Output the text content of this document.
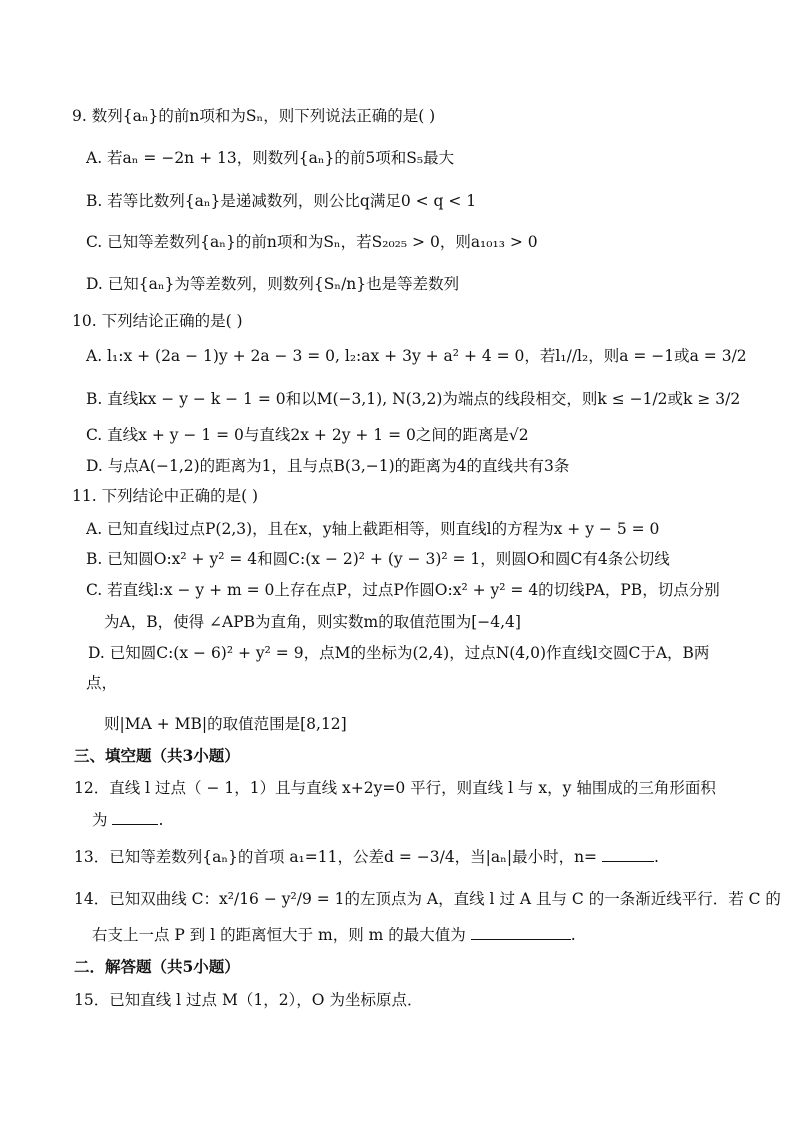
9. 数列{aₙ}的前n项和为Sₙ，则下列说法正确的是( )
A. 若aₙ = −2n + 13，则数列{aₙ}的前5项和S₅最大
B. 若等比数列{aₙ}是递减数列，则公比q满足0 < q < 1
C. 已知等差数列{aₙ}的前n项和为Sₙ，若S₂₀₂₅ > 0，则a₁₀₁₃ > 0
D. 已知{aₙ}为等差数列，则数列{Sₙ/n}也是等差数列
10. 下列结论正确的是( )
A. l₁:x + (2a − 1)y + 2a − 3 = 0, l₂:ax + 3y + a² + 4 = 0，若l₁//l₂，则a = −1或a = 3/2
B. 直线kx − y − k − 1 = 0和以M(−3,1), N(3,2)为端点的线段相交，则k ≤ −1/2或k ≥ 3/2
C. 直线x + y − 1 = 0与直线2x + 2y + 1 = 0之间的距离是√2
D. 与点A(−1,2)的距离为1，且与点B(3,−1)的距离为4的直线共有3条
11. 下列结论中正确的是( )
A. 已知直线l过点P(2,3)，且在x，y轴上截距相等，则直线l的方程为x + y − 5 = 0
B. 已知圆O:x² + y² = 4和圆C:(x − 2)² + (y − 3)² = 1，则圆O和圆C有4条公切线
C. 若直线l:x − y + m = 0上存在点P，过点P作圆O:x² + y² = 4的切线PA，PB，切点分别
为A，B，使得 ∠APB为直角，则实数m的取值范围为[−4,4]
D. 已知圆C:(x − 6)² + y² = 9，点M的坐标为(2,4)，过点N(4,0)作直线l交圆C于A，B两
点，
则|MA + MB|的取值范围是[8,12]
三、填空题（共3小题）
12．直线 l 过点（ − 1，1）且与直线 x+2y=0 平行，则直线 l 与 x，y 轴围成的三角形面积
为	.
13．已知等差数列{aₙ}的首项 a₁=11，公差d = −3/4，当|aₙ|最小时，n=	.
14．已知双曲线 C：x²/16 − y²/9 = 1的左顶点为 A，直线 l 过 A 且与 C 的一条渐近线平行．若 C 的
右支上一点 P 到 l 的距离恒大于 m，则 m 的最大值为	.
二．解答题（共5小题）
15．已知直线 l 过点 M（1，2），O 为坐标原点．
